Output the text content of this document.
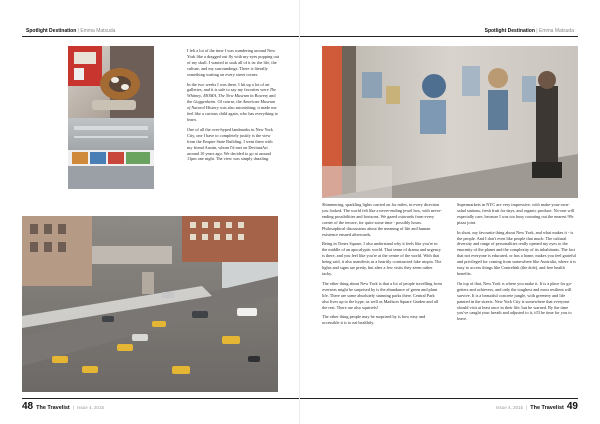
Spotlight Destination | Emma Matsuda

I felt a lot of the time I was wandering around New York like a dragged out fly with my eyes popping out of my skull. I wanted to soak all of it in: the life, the culture, and my surroundings. There is literally something waiting on every street corner.

In the two weeks I was there, I hit up a lot of art galleries, and it is safe to say my favorites were The Whitney, MOMA, The New Museum in Bowery and the Guggenheim. Of course, the American Museum of Natural History was also astonishing; it made me feel like a curious child again, who has everything to learn.

One of all the over-hyped landmarks in New York City, one I have to completely justify is the view from the Empire State Building. I went there with my friend Austin, whom I'd met on DeviantArt around 10 years ago. We decided to go at around 11pm one night. The view was simply dazzling.

48 The Travelist | Issue 4, 2015
Spotlight Destination | Emma Matsuda

Shimmering, sparkling lights carried on for miles, in every direction you looked. The world felt like a never-ending jewel box, with never-ending possibilities and horizons. We gazed outwards from every corner of the terrace, for quite some time - possibly hours. Philosophical discussions about the meaning of life and human existence ensued afterwards.

Being in Times Square, I also understand why it feels like you're in the middle of an apocalyptic world. That sense of drama and urgency is there, and you feel like you're at the centre of the world. With that being said, it also manifests as a heartily constructed fake utopia. The lights and signs are pretty, but after a few visits they seem rather tacky.

The other thing about New York is that a lot of people travelling from overseas might be surprised by is the abundance of green and plant life. There are some absolutely stunning parks there. Central Park also lives up to the hype, as well as Madison Square Garden and all the rest. There are also squirrels!

The other thing people may be surprised by is how easy and accessible it is to eat healthily.

Supermarkets in NYC are very impressive, with make-your-own-salad stations, fresh fruit for days, and organic produce. No-one will especially care, because I was too busy counting out the nearest 99c pizza joint.

In short, my favourite thing about New York, and what makes it - is the people. And I don't even like people that much. The cultural diversity and range of personalities really opened my eyes to the enormity of the planet and the complexity of its inhabitants. The fact that not everyone is educated, or has a home, makes you feel grateful and privileged for coming from somewhere like Australia, where it is easy to access things like Centrelink (the dole), and free health benefits.

On top of that, New York is where you make it. It is a place for go-getters and achievers, and only the toughest and most resilient will survive. It is a beautiful concrete jungle, with greenery and life painted in the streets. New York City is somewhere that everyone should visit at least once in their life, but be warned. By the time you've caught your breath and adjusted to it, it'll be time for you to leave.

Issue 4, 2015 | The Travelist 49
